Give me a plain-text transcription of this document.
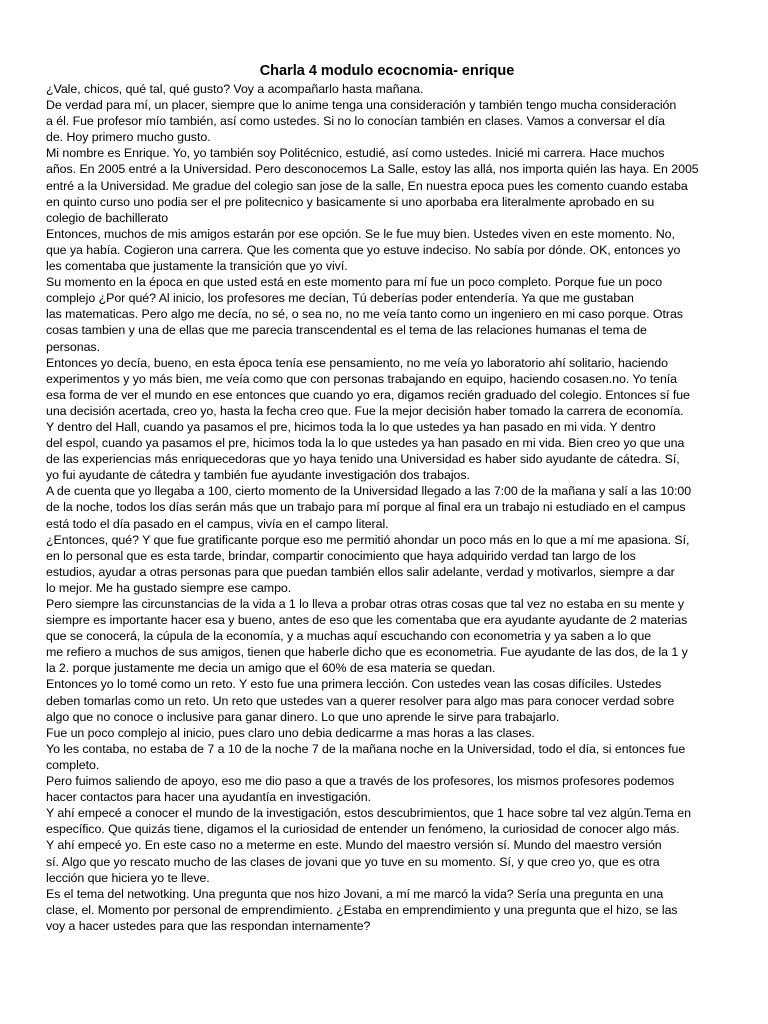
Charla 4 modulo ecocnomia- enrique

¿Vale, chicos, qué tal, qué gusto? Voy a acompañarlo hasta mañana.

De verdad para mí, un placer, siempre que lo anime tenga una consideración y también tengo mucha consideración
a él. Fue profesor mío también, así como ustedes. Si no lo conocían también en clases. Vamos a conversar el día
de. Hoy primero mucho gusto.

Mi nombre es Enrique. Yo, yo también soy Politécnico, estudié, así como ustedes. Inicié mi carrera. Hace muchos
años. En 2005 entré a la Universidad. Pero desconocemos La Salle, estoy las allá, nos importa quién las haya. En 2005
entré a la Universidad. Me gradue del colegio san jose de la salle, En nuestra epoca pues les comento cuando estaba
en quinto curso uno podia ser el pre politecnico y basicamente si uno aporbaba era literalmente aprobado en su
colegio de bachillerato

Entonces, muchos de mis amigos estarán por ese opción. Se le fue muy bien. Ustedes viven en este momento. No,
que ya había. Cogieron una carrera. Que les comenta que yo estuve indeciso. No sabía por dónde. OK, entonces yo
les comentaba que justamente la transición que yo viví.

Su momento en la época en que usted está en este momento para mí fue un poco completo. Porque fue un poco
complejo ¿Por qué? Al inicio, los profesores me decían, Tú deberías poder entendería. Ya que me gustaban
las matematicas. Pero algo me decía, no sé, o sea no, no me veía tanto como un ingeniero en mi caso porque. Otras
cosas tambien y una de ellas que me parecia transcendental es el tema de las relaciones humanas el tema de
personas.

Entonces yo decía, bueno, en esta época tenía ese pensamiento, no me veía yo laboratorio ahí solitario, haciendo
experimentos y yo más bien, me veía como que con personas trabajando en equipo, haciendo cosasen.no. Yo tenía
esa forma de ver el mundo en ese entonces que cuando yo era, digamos recién graduado del colegio. Entonces sí fue
una decisión acertada, creo yo, hasta la fecha creo que. Fue la mejor decisión haber tomado la carrera de economía.
Y dentro del Hall, cuando ya pasamos el pre, hicimos toda la lo que ustedes ya han pasado en mi vida. Y dentro
del espol, cuando ya pasamos el pre, hicimos toda la lo que ustedes ya han pasado en mi vida. Bien creo yo que una
de las experiencias más enriquecedoras que yo haya tenido una Universidad es haber sido ayudante de cátedra. Sí,
yo fui ayudante de cátedra y también fue ayudante investigación dos trabajos.

A de cuenta que yo llegaba a 100, cierto momento de la Universidad llegado a las 7:00 de la mañana y salí a las 10:00
de la noche, todos los días serán más que un trabajo para mí porque al final era un trabajo ni estudiado en el campus
está todo el día pasado en el campus, vivía en el campo literal.

¿Entonces, qué? Y que fue gratificante porque eso me permitió ahondar un poco más en lo que a mí me apasiona. Sí,
en lo personal que es esta tarde, brindar, compartir conocimiento que haya adquirido verdad tan largo de los
estudios, ayudar a otras personas para que puedan también ellos salir adelante, verdad y motivarlos, siempre a dar
lo mejor. Me ha gustado siempre ese campo.

Pero siempre las circunstancias de la vida a 1 lo lleva a probar otras otras cosas que tal vez no estaba en su mente y
siempre es importante hacer esa y bueno, antes de eso que les comentaba que era ayudante ayudante de 2 materias
que se conocerá, la cúpula de la economía, y a muchas aquí escuchando con econometria y ya saben a lo que
me refiero a muchos de sus amigos, tienen que haberle dicho que es econometria. Fue ayudante de las dos, de la 1 y
la 2. porque justamente me decia un amigo que el 60% de esa materia se quedan.

Entonces yo lo tomé como un reto. Y esto fue una primera lección. Con ustedes vean las cosas difíciles. Ustedes
deben tomarlas como un reto. Un reto que ustedes van a querer resolver para algo mas para conocer verdad sobre
algo que no conoce o inclusive para ganar dinero. Lo que uno aprende le sirve para trabajarlo.

Fue un poco complejo al inicio, pues claro uno debia dedicarme a mas horas a las clases.

Yo les contaba, no estaba de 7 a 10 de la noche 7 de la mañana noche en la Universidad, todo el día, si entonces fue
completo.

Pero fuimos saliendo de apoyo, eso me dio paso a que a través de los profesores, los mismos profesores podemos
hacer contactos para hacer una ayudantía en investigación.

Y ahí empecé a conocer el mundo de la investigación, estos descubrimientos, que 1 hace sobre tal vez algún.Tema en
específico. Que quizás tiene, digamos el la curiosidad de entender un fenómeno, la curiosidad de conocer algo más.
Y ahí empecé yo. En este caso no a meterme en este. Mundo del maestro versión sí. Mundo del maestro versión
sí. Algo que yo rescato mucho de las clases de jovani que yo tuve en su momento. Sí, y que creo yo, que es otra
lección que hiciera yo te lleve.

Es el tema del netwotking. Una pregunta que nos hizo Jovani, a mí me marcó la vida? Sería una pregunta en una
clase, el. Momento por personal de emprendimiento. ¿Estaba en emprendimiento y una pregunta que el hizo, se las
voy a hacer ustedes para que las respondan internamente?
